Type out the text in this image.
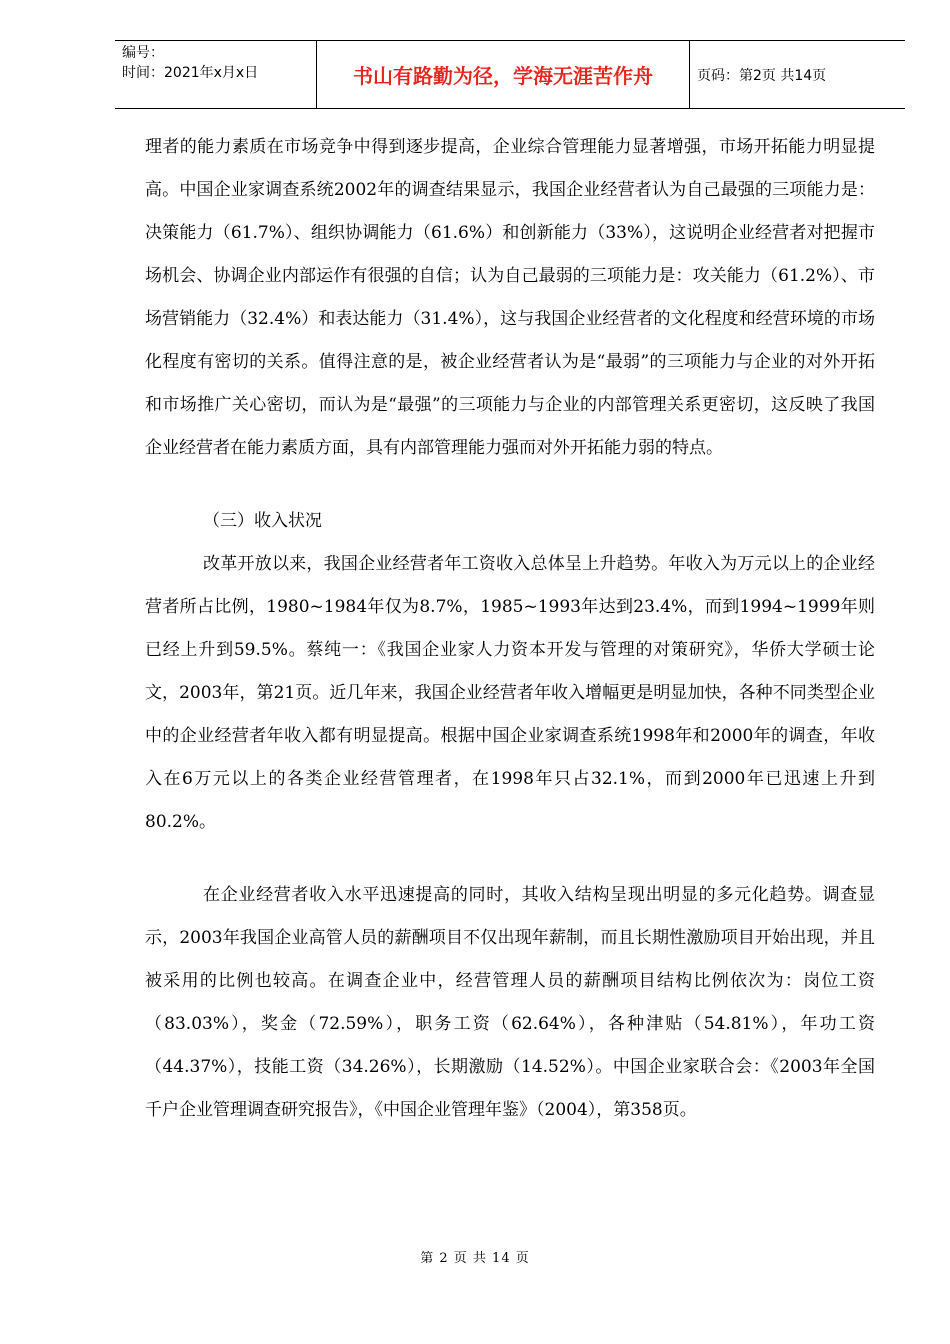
编号：
时间：2021年x月x日	书山有路勤为径，学海无涯苦作舟	页码：第2页 共14页

理者的能力素质在市场竞争中得到逐步提高，企业综合管理能力显著增强，市场开拓能力明显提高。中国企业家调查系统2002年的调查结果显示，我国企业经营者认为自己最强的三项能力是：决策能力（61.7%）、组织协调能力（61.6%）和创新能力（33%），这说明企业经营者对把握市场机会、协调企业内部运作有很强的自信；认为自己最弱的三项能力是：攻关能力（61.2%）、市场营销能力（32.4%）和表达能力（31.4%），这与我国企业经营者的文化程度和经营环境的市场化程度有密切的关系。值得注意的是，被企业经营者认为是“最弱”的三项能力与企业的对外开拓和市场推广关心密切，而认为是“最强”的三项能力与企业的内部管理关系更密切，这反映了我国企业经营者在能力素质方面，具有内部管理能力强而对外开拓能力弱的特点。

（三）收入状况

改革开放以来，我国企业经营者年工资收入总体呈上升趋势。年收入为万元以上的企业经营者所占比例，1980~1984年仅为8.7%，1985~1993年达到23.4%，而到1994~1999年则已经上升到59.5%。蔡纯一：《我国企业家人力资本开发与管理的对策研究》，华侨大学硕士论文，2003年，第21页。近几年来，我国企业经营者年收入增幅更是明显加快，各种不同类型企业中的企业经营者年收入都有明显提高。根据中国企业家调查系统1998年和2000年的调查，年收入在6万元以上的各类企业经营管理者，在1998年只占32.1%，而到2000年已迅速上升到80.2%。

在企业经营者收入水平迅速提高的同时，其收入结构呈现出明显的多元化趋势。调查显示，2003年我国企业高管人员的薪酬项目不仅出现年薪制，而且长期性激励项目开始出现，并且被采用的比例也较高。在调查企业中，经营管理人员的薪酬项目结构比例依次为：岗位工资（83.03%），奖金（72.59%），职务工资（62.64%），各种津贴（54.81%），年功工资（44.37%），技能工资（34.26%），长期激励（14.52%）。中国企业家联合会：《2003年全国千户企业管理调查研究报告》，《中国企业管理年鉴》（2004），第358页。

第 2 页 共 14 页
